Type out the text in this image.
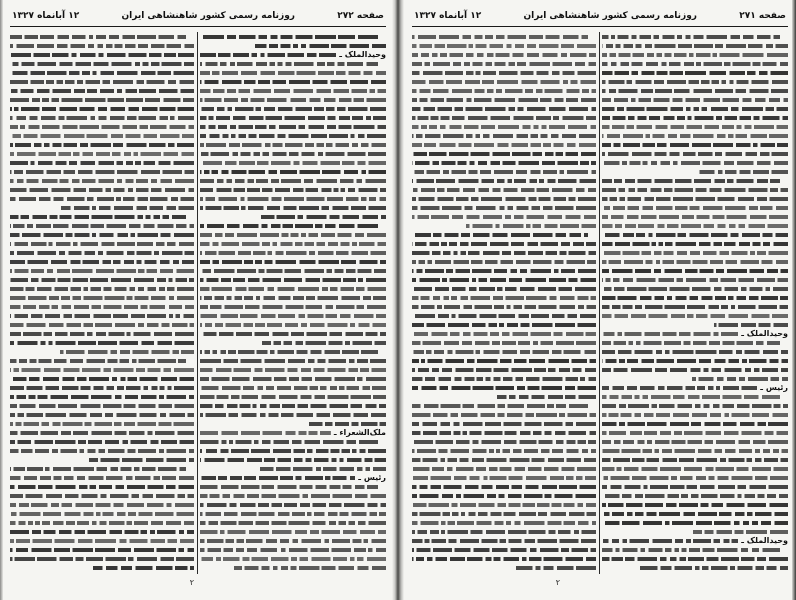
صفحه ۲۷۲
روزنامه رسمی کشور شاهنشاهی ایران
۱۲ آبانماه ۱۳۲۷
وحیدالملک ـ
ملک‌الشعراء ـ
رئیس ـ
۲
صفحه ۲۷۱
روزنامه رسمی کشور شاهنشاهی ایران
۱۲ آبانماه ۱۳۲۷
وحیدالملک ـ
رئیس ـ
وحیدالملک ـ
۲
